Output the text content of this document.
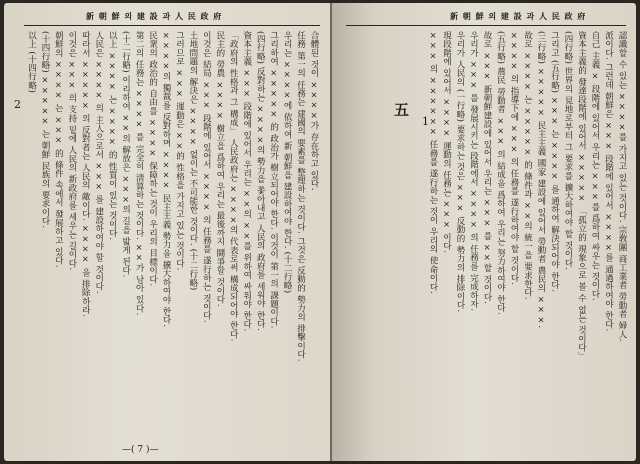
新 朝 鮮 의 建 設 과 人 民 政 府
合體된 것이 ××××가 存在하고 있다.
任務 第一의 任務는 建國의 要素를 整理하는 것이다. 그것은 反動的 勢力의 排擊이다.
우리는 ××××에 依하여 新 朝鮮을 建設하여야 한다. (十二行略)
그리하여 ××××× 的 政治가 樹立되어야 한다. 이것이 第一의 課題이다.
(四行略) 反對하는 ××××의 勢力을 쫓아내고 人民의 政府를 세워야 한다.
資本主義 ××× 段階에 있어서 우리는 ××의 ××를 위하여 싸워야 한다.
「政府의 性格과 그 構成」 人民政府는 ××××의 代表로써 構成되어야 한다.
民主的 勞農 ×××× 樹立을 爲하여 우리는 最後까지 鬪爭할 것이다.
이것은 結局 ××× 段階에 있어서 ×××× 의 任務를 遂行하는 것이다.
土地問題의 解決은 ×××× 없이는 不可能한 것이다. (十二行略)
그러므로 ××× 運動은 ××的 性格을 가지고 있는 것이다.
××××의 獨裁를 反對하며 ×××× 民主主義 勢力을 擴大하여야 한다.
民衆의 政治的 自由를 ×××× 保障하는 것이 우리의 目標이다.
第二의 任務는 ×××× 를 完全히 淸算하는 것이다. ××가 남아 있다.
(十二行略) 이리하여 ××의 解放은 ×××의 길을 밟게 된다.
以上 ×××× 는 ×××× 的 性質이 있는 것이다.
人民은 ×××× 의 主人으로서 ××× 를 建設하여야 할 것이다.
따라서 ××××× 의 反對者는 人民의 敵이다. ×××× 을 排除하라.
이것은 ××× 의 支持 밑에 人民의 新政府를 세우는 길이다.
朝鮮의 ×××× 는 ××× 的 條件 속에서 發展하고 있다.
(十四行略) ××××× 는 朝鮮 民族의 要求이다.
以上 (十四行略)
—( 7 )—
2
新 朝 鮮 의 建 設 과 人 民 政 府
認識할 수 있는 ××××를 가지고 있는 것이다. 宗敎團 商工業者 勞動者 婦人.
派이다. 그런데 朝鮮은 ××× 段階에 있어서 ××××를 通過하여야 한다.
自己 主義 × 段階에 있어서 우리는 ×××를 爲하여 싸우는 것이다.
資本主義的 發達段階에 있어서 ××××× 「孤立的 現象으로 볼 수 없는 것이다」
(四行略) 世界의 見地로부터 그 要求를 擴大하여야 할 것이다.
그리고 (五行略) ××× 는 ×××× 를 通하여 解決되어야 한다.
(三行略) ××××× 民主主義 國家 建設에 있어서 勞動者 農民의 ×××.
故로 ×××× 는 ××××× 的 條件과 ××의 統一을 要求한다.
×××× 의 指導下에 ××× 의 任務를 遂行하여야 할 것이다.
(五行略) 農民 勞動者 ××× 의 結成을 爲하여 우리는 努力하여야 한다.
故로 ××× 新朝鮮建設에 있어서 우리는 ××× 를 ××할 것이다.
우리가 ××× 를 發展시키는 段階에서 ×××× 의 任務를 完成하자.
우리가 人民의 (一行略) 要求하는 것은 ××× 反動的 勢力의 排除이다.
現段階에 있어서 ×××× 運動의 任務는 ××× 이다.
××× 의 ×××××× 任務를 遂行하는 것이 우리의 使命이다.
五
1
